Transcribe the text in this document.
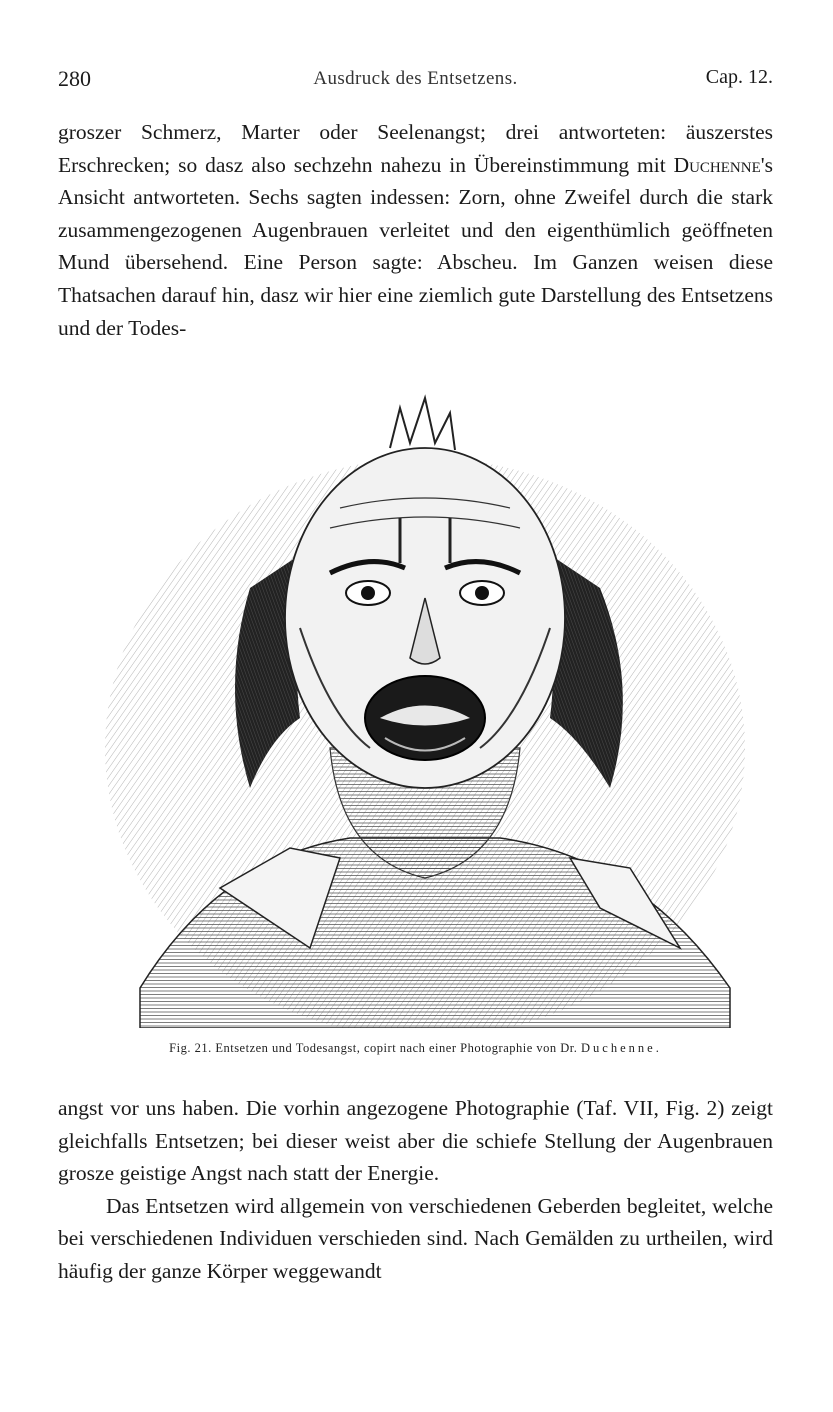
280	Ausdruck des Entsetzens.	Cap. 12.

groszer Schmerz, Marter oder Seelenangst; drei antworteten: äuszerstes Erschrecken; so dasz also sechzehn nahezu in Übereinstimmung mit Duchenne's Ansicht antworteten. Sechs sagten indessen: Zorn, ohne Zweifel durch die stark zusammengezogenen Augenbrauen verleitet und den eigenthümlich geöffneten Mund übersehend. Eine Person sagte: Abscheu. Im Ganzen weisen diese Thatsachen darauf hin, dasz wir hier eine ziemlich gute Darstellung des Entsetzens und der Todes-

Fig. 21. Entsetzen und Todesangst, copirt nach einer Photographie von Dr. Duchenne.

angst vor uns haben. Die vorhin angezogene Photographie (Taf. VII, Fig. 2) zeigt gleichfalls Entsetzen; bei dieser weist aber die schiefe Stellung der Augenbrauen grosze geistige Angst nach statt der Energie.

Das Entsetzen wird allgemein von verschiedenen Geberden begleitet, welche bei verschiedenen Individuen verschieden sind. Nach Gemälden zu urtheilen, wird häufig der ganze Körper weggewandt
